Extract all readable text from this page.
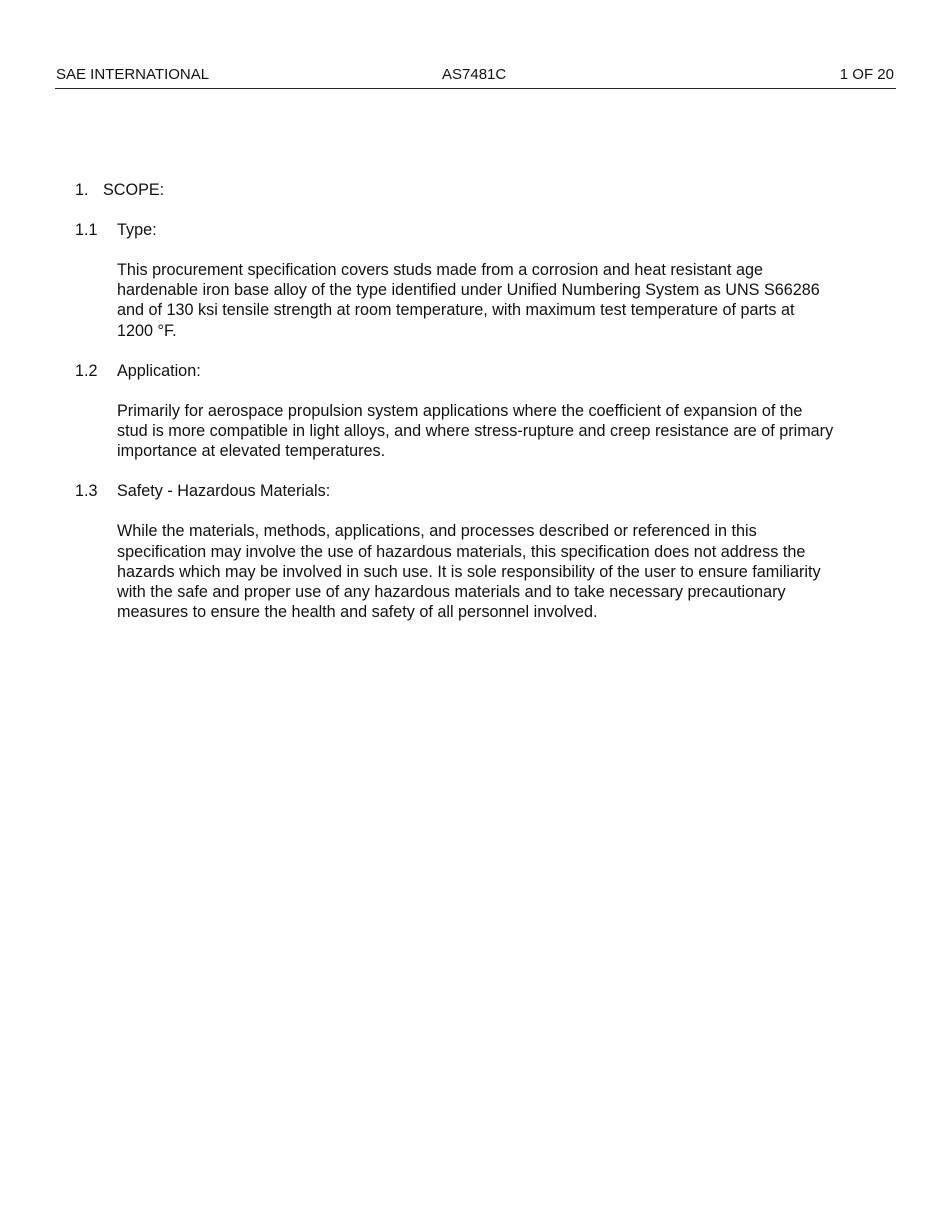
SAE INTERNATIONAL	AS7481C	1 OF 20
1. SCOPE:
1.1 Type:
This procurement specification covers studs made from a corrosion and heat resistant age
hardenable iron base alloy of the type identified under Unified Numbering System as UNS S66286
and of 130 ksi tensile strength at room temperature, with maximum test temperature of parts at
1200 °F.
1.2 Application:
Primarily for aerospace propulsion system applications where the coefficient of expansion of the
stud is more compatible in light alloys, and where stress-rupture and creep resistance are of primary
importance at elevated temperatures.
1.3 Safety - Hazardous Materials:
While the materials, methods, applications, and processes described or referenced in this
specification may involve the use of hazardous materials, this specification does not address the
hazards which may be involved in such use. It is sole responsibility of the user to ensure familiarity
with the safe and proper use of any hazardous materials and to take necessary precautionary
measures to ensure the health and safety of all personnel involved.
